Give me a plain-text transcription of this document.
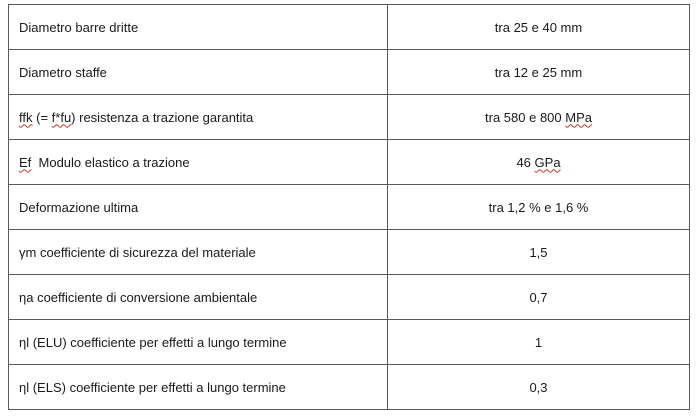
Diametro barre dritte	tra 25 e 40 mm
Diametro staffe	tra 12 e 25 mm
ffk (= f*fu) resistenza a trazione garantita	tra 580 e 800 MPa
Ef  Modulo elastico a trazione	46 GPa
Deformazione ultima	tra 1,2 % e 1,6 %
γm coefficiente di sicurezza del materiale	1,5
ηa coefficiente di conversione ambientale	0,7
ηl (ELU) coefficiente per effetti a lungo termine	1
ηl (ELS) coefficiente per effetti a lungo termine	0,3
